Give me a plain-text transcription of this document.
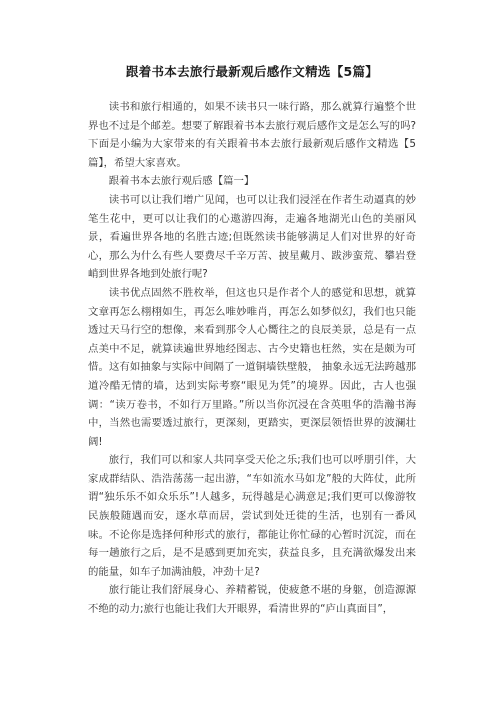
跟着书本去旅行最新观后感作文精选【5篇】

读书和旅行相通的，如果不读书只一味行路，那么就算行遍整个世界也不过是个邮差。想要了解跟着书本去旅行观后感作文是怎么写的吗?下面是小编为大家带来的有关跟着书本去旅行最新观后感作文精选【5篇】，希望大家喜欢。

跟着书本去旅行观后感【篇一】

读书可以让我们增广见闻，也可以让我们浸淫在作者生动逼真的妙笔生花中，更可以让我们的心遨游四海，走遍各地湖光山色的美丽风景，看遍世界各地的名胜古迹;但既然读书能够满足人们对世界的好奇心，那么为什么有些人要费尽千辛万苦、披星戴月、跋涉蛮荒、攀岩登峭到世界各地到处旅行呢?

读书优点固然不胜枚举，但这也只是作者个人的感觉和思想，就算文章再怎么栩栩如生，再怎么唯妙唯肖，再怎么如梦似幻，我们也只能透过天马行空的想像，来看到那令人心嚮往之的良辰美景，总是有一点点美中不足，就算读遍世界地经图志、古今史籍也枉然，实在是颇为可惜。这有如抽象与实际中间隔了一道铜墙铁壁般， 抽象永远无法跨越那道冷酷无情的墙，达到实际考察“眼见为凭”的境界。因此，古人也强调：“读万卷书，不如行万里路。”所以当你沉浸在含英咀华的浩瀚书海中，当然也需要透过旅行，更深刻，更踏实，更深层领悟世界的波澜壮阔!

旅行，我们可以和家人共同享受天伦之乐;我们也可以呼朋引伴，大家成群结队、浩浩荡荡一起出游，“车如流水马如龙”般的大阵仗，此所谓“独乐乐不如众乐乐”!人越多，玩得越是心满意足;我们更可以像游牧民族般随遇而安，逐水草而居，尝试到处迁徙的生活，也别有一番风味。不论你是选择何种形式的旅行，都能让你忙碌的心暂时沉淀，而在每一趟旅行之后，是不是感到更加充实，获益良多，且充满欲爆发出来的能量，如车子加满油般，冲劲十足?

旅行能让我们舒展身心、养精蓄锐，使疲惫不堪的身躯，创造源源不绝的动力;旅行也能让我们大开眼界，看清世界的“庐山真面目”，
